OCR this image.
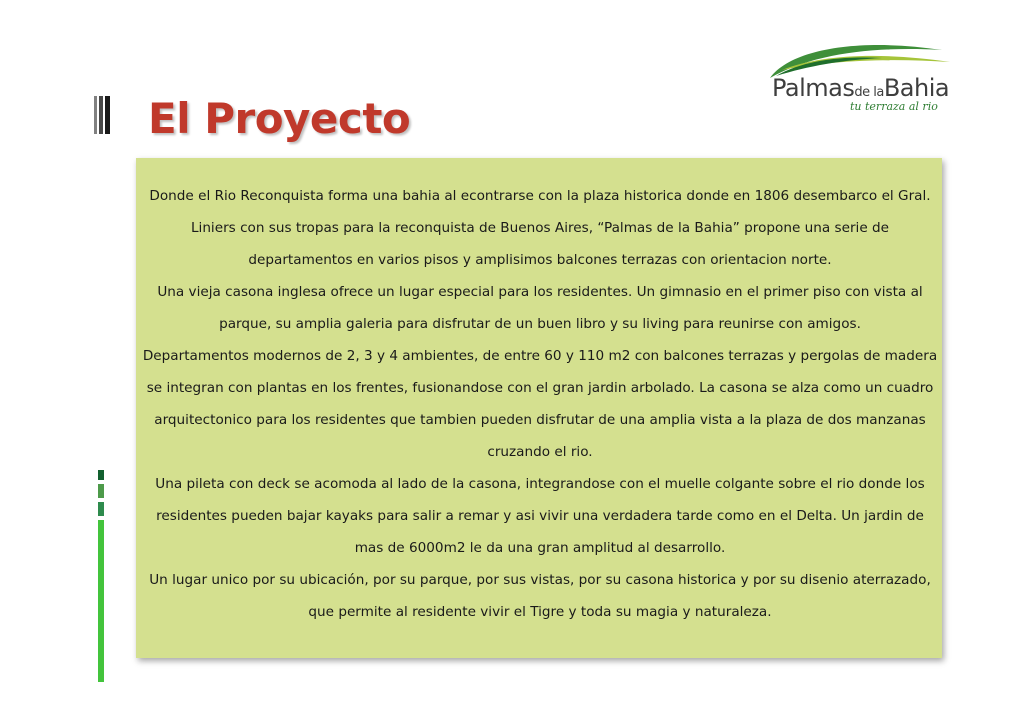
El Proyecto
Palmasde laBahia
tu terraza al rio

Donde el Rio Reconquista forma una bahia al econtrarse con la plaza historica donde en 1806 desembarco el Gral. Liniers con sus tropas para la reconquista de Buenos Aires, “Palmas de la Bahia” propone una serie de departamentos en varios pisos y amplisimos balcones terrazas con orientacion norte.

Una vieja casona inglesa ofrece un lugar especial para los residentes. Un gimnasio en el primer piso con vista al parque, su amplia galeria para disfrutar de un buen libro y su living para reunirse con amigos.

Departamentos modernos de 2, 3 y 4 ambientes, de entre 60 y 110 m2 con balcones terrazas y pergolas de madera se integran con plantas en los frentes, fusionandose con el gran jardin arbolado. La casona se alza como un cuadro arquitectonico para los residentes que tambien pueden disfrutar de una amplia vista a la plaza de dos manzanas cruzando el rio.

Una pileta con deck se acomoda al lado de la casona, integrandose con el muelle colgante sobre el rio donde los residentes pueden bajar kayaks para salir a remar y asi vivir una verdadera tarde como en el Delta. Un jardin de mas de 6000m2 le da una gran amplitud al desarrollo.

Un lugar unico por su ubicación, por su parque, por sus vistas, por su casona historica y por su disenio aterrazado, que permite al residente vivir el Tigre y toda su magia y naturaleza.
